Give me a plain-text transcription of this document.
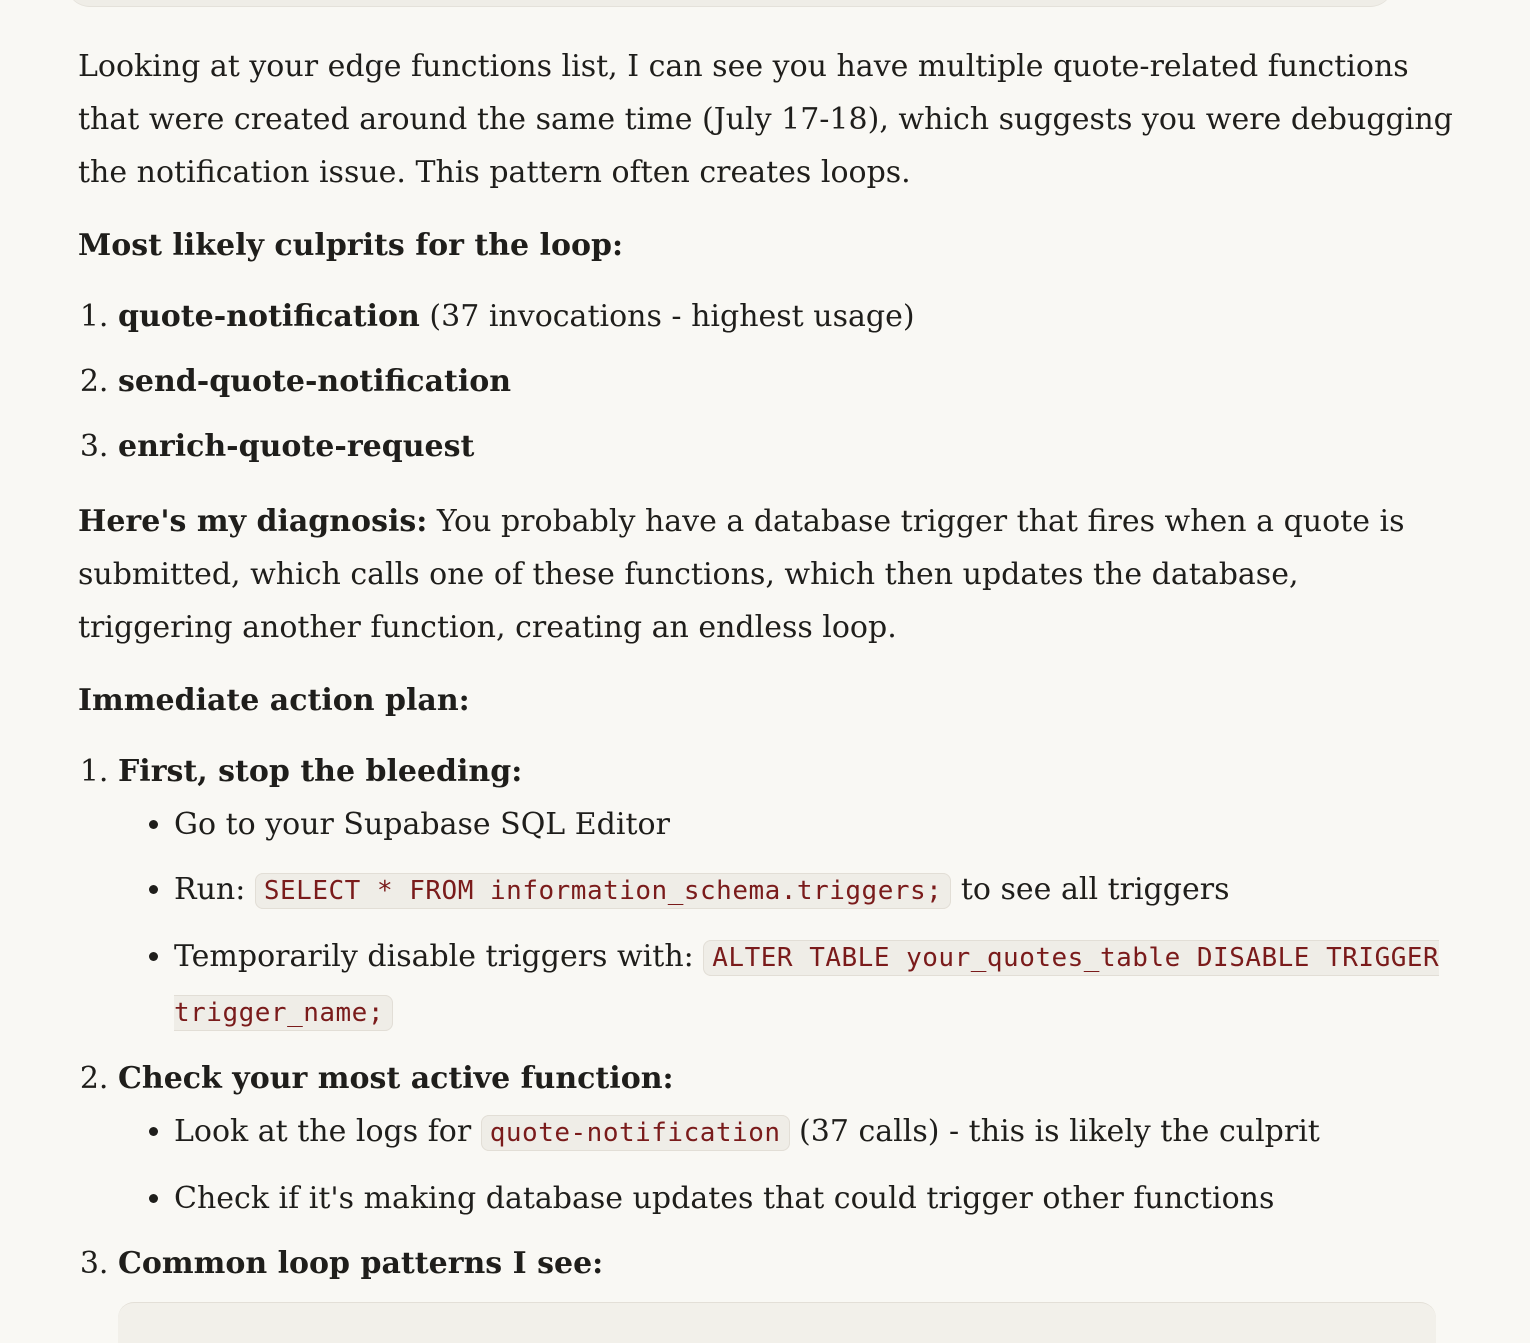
Looking at your edge functions list, I can see you have multiple quote-related functions that were created around the same time (July 17-18), which suggests you were debugging the notification issue. This pattern often creates loops.

Most likely culprits for the loop:

1. quote-notification (37 invocations - highest usage)
2. send-quote-notification
3. enrich-quote-request

Here's my diagnosis: You probably have a database trigger that fires when a quote is submitted, which calls one of these functions, which then updates the database, triggering another function, creating an endless loop.

Immediate action plan:

1. First, stop the bleeding:
• Go to your Supabase SQL Editor
• Run: SELECT * FROM information_schema.triggers; to see all triggers
• Temporarily disable triggers with: ALTER TABLE your_quotes_table DISABLE TRIGGER trigger_name;
2. Check your most active function:
• Look at the logs for quote-notification (37 calls) - this is likely the culprit
• Check if it's making database updates that could trigger other functions
3. Common loop patterns I see:
